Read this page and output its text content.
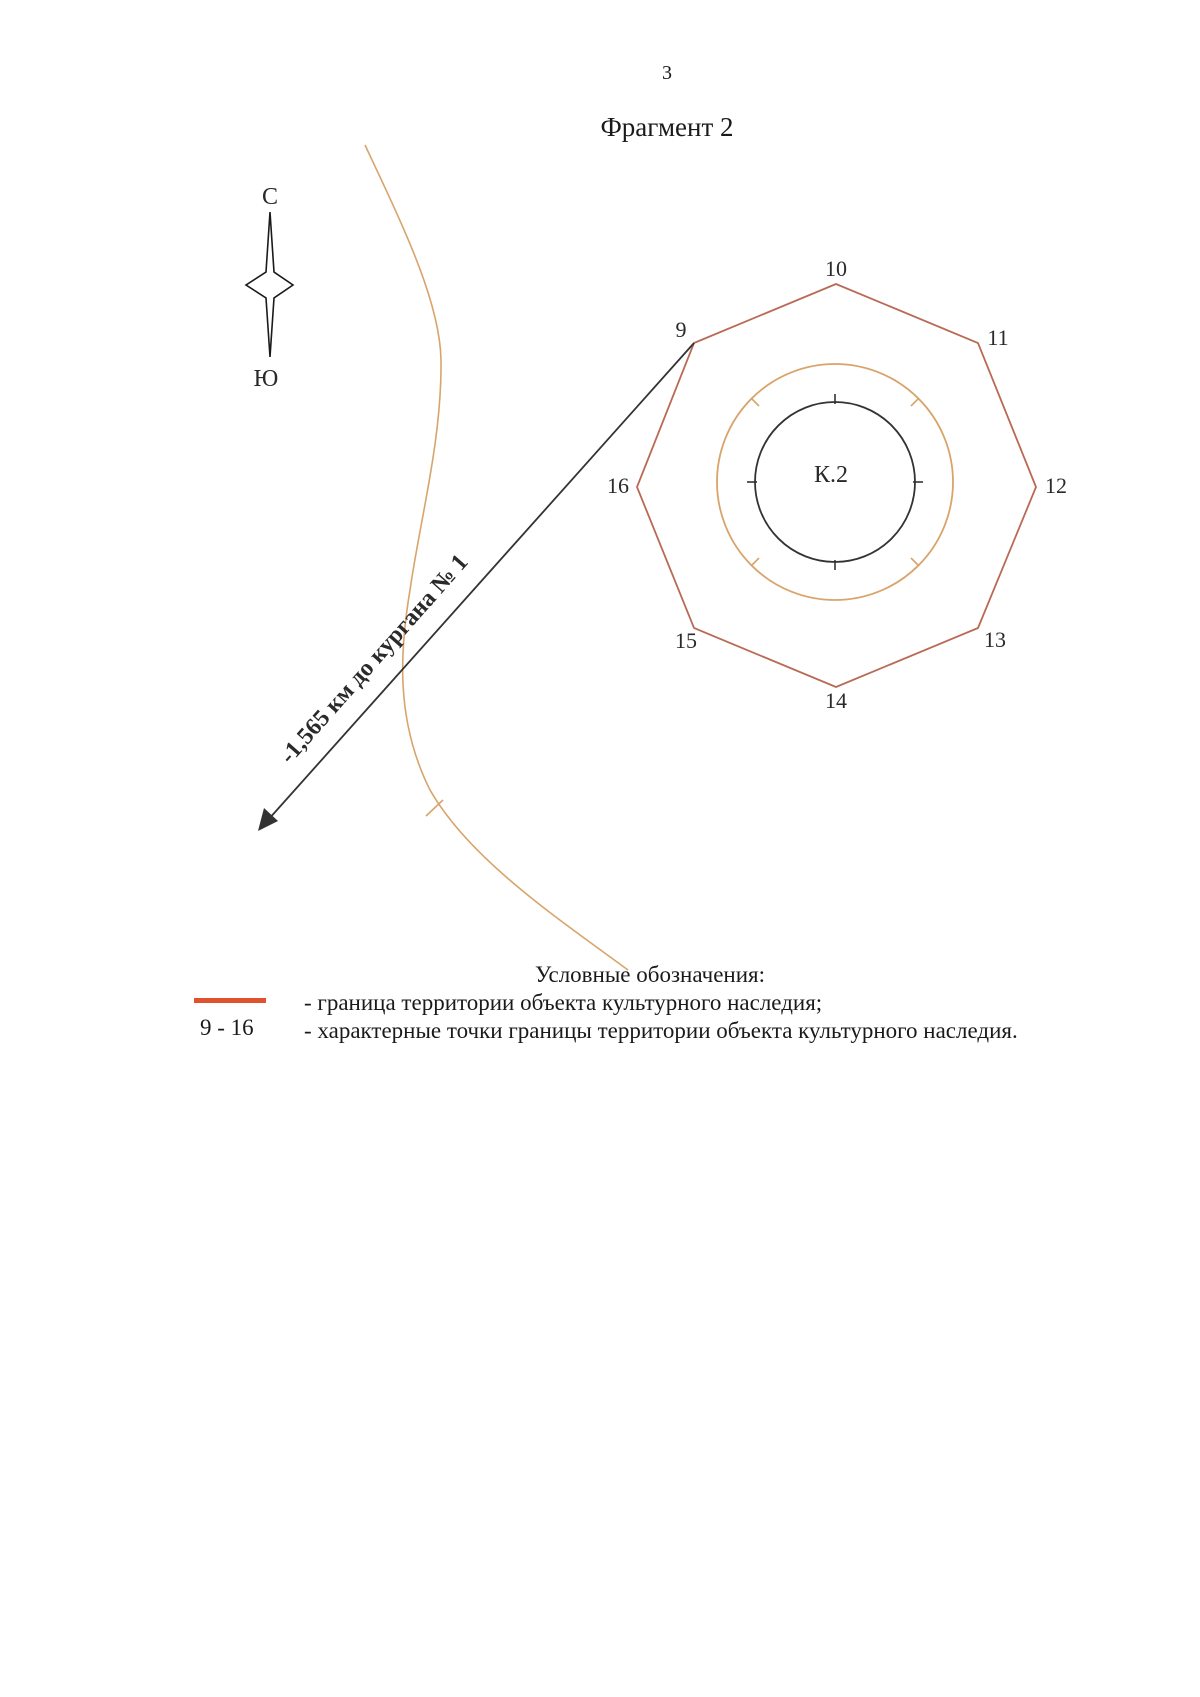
3
Фрагмент 2
С
Ю
9
10
11
12
13
14
15
16	К.2
-1,565 км до кургана № 1
Условные обозначения:
9 - 16
- граница территории объекта культурного наследия;
- характерные точки границы территории объекта культурного наследия.
